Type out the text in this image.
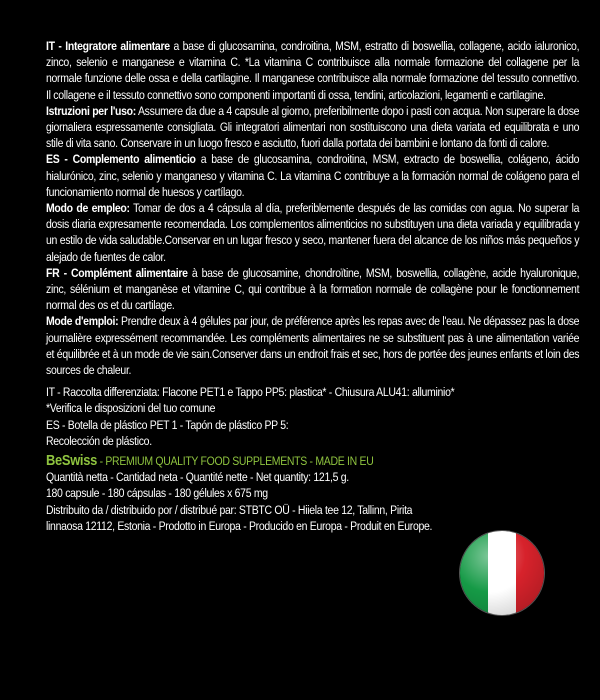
IT - Integratore alimentare a base di glucosamina, condroitina, MSM, estratto di boswellia, collagene, acido ialuronico, zinco, selenio e manganese e vitamina C. *La vitamina C contribuisce alla normale formazione del collagene per la normale funzione delle ossa e della cartilagine. Il manganese contribuisce alla normale formazione del tessuto connettivo. Il collagene e il tessuto connettivo sono componenti importanti di ossa, tendini, articolazioni, legamenti e cartilagine.
Istruzioni per l'uso: Assumere da due a 4 capsule al giorno, preferibilmente dopo i pasti con acqua. Non superare la dose giornaliera espressamente consigliata. Gli integratori alimentari non sostituiscono una dieta variata ed equilibrata e uno stile di vita sano. Conservare in un luogo fresco e asciutto, fuori dalla portata dei bambini e lontano da fonti di calore.

ES - Complemento alimenticio a base de glucosamina, condroitina, MSM, extracto de boswellia, colágeno, ácido hialurónico, zinc, selenio y manganeso y vitamina C. La vitamina C contribuye a la formación normal de colágeno para el funcionamiento normal de huesos y cartílago.
Modo de empleo: Tomar de dos a 4 cápsula al día, preferiblemente después de las comidas con agua. No superar la dosis diaria expresamente recomendada. Los complementos alimenticios no substituyen una dieta variada y equilibrada y un estilo de vida saludable.Conservar en un lugar fresco y seco, mantener fuera del alcance de los niños más pequeños y alejado de fuentes de calor.

FR - Complément alimentaire à base de glucosamine, chondroïtine, MSM, boswellia, collagène, acide hyaluronique, zinc, sélénium et manganèse et vitamine C, qui contribue à la formation normale de collagène pour le fonctionnement normal des os et du cartilage.
Mode d'emploi: Prendre deux à 4 gélules par jour, de préférence après les repas avec de l'eau. Ne dépassez pas la dose journalière expressément recommandée. Les compléments alimentaires ne se substituent pas à une alimentation variée et équilibrée et à un mode de vie sain.Conserver dans un endroit frais et sec, hors de portée des jeunes enfants et loin des sources de chaleur.

IT - Raccolta differenziata: Flacone PET1 e Tappo PP5: plastica* - Chiusura ALU41: alluminio*
*Verifica le disposizioni del tuo comune
ES - Botella de plástico PET 1 - Tapón de plástico PP 5:
Recolección de plástico.
BeSwiss - PREMIUM QUALITY FOOD SUPPLEMENTS - MADE IN EU
Quantità netta - Cantidad neta - Quantité nette - Net quantity: 121,5 g.
180 capsule - 180 cápsulas - 180 gélules x 675 mg
Distribuito da / distribuido por / distribué par: STBTC OÜ - Hiiela tee 12, Tallinn, Pirita
linnaosa 12112, Estonia - Prodotto in Europa - Producido en Europa - Produit en Europe.
